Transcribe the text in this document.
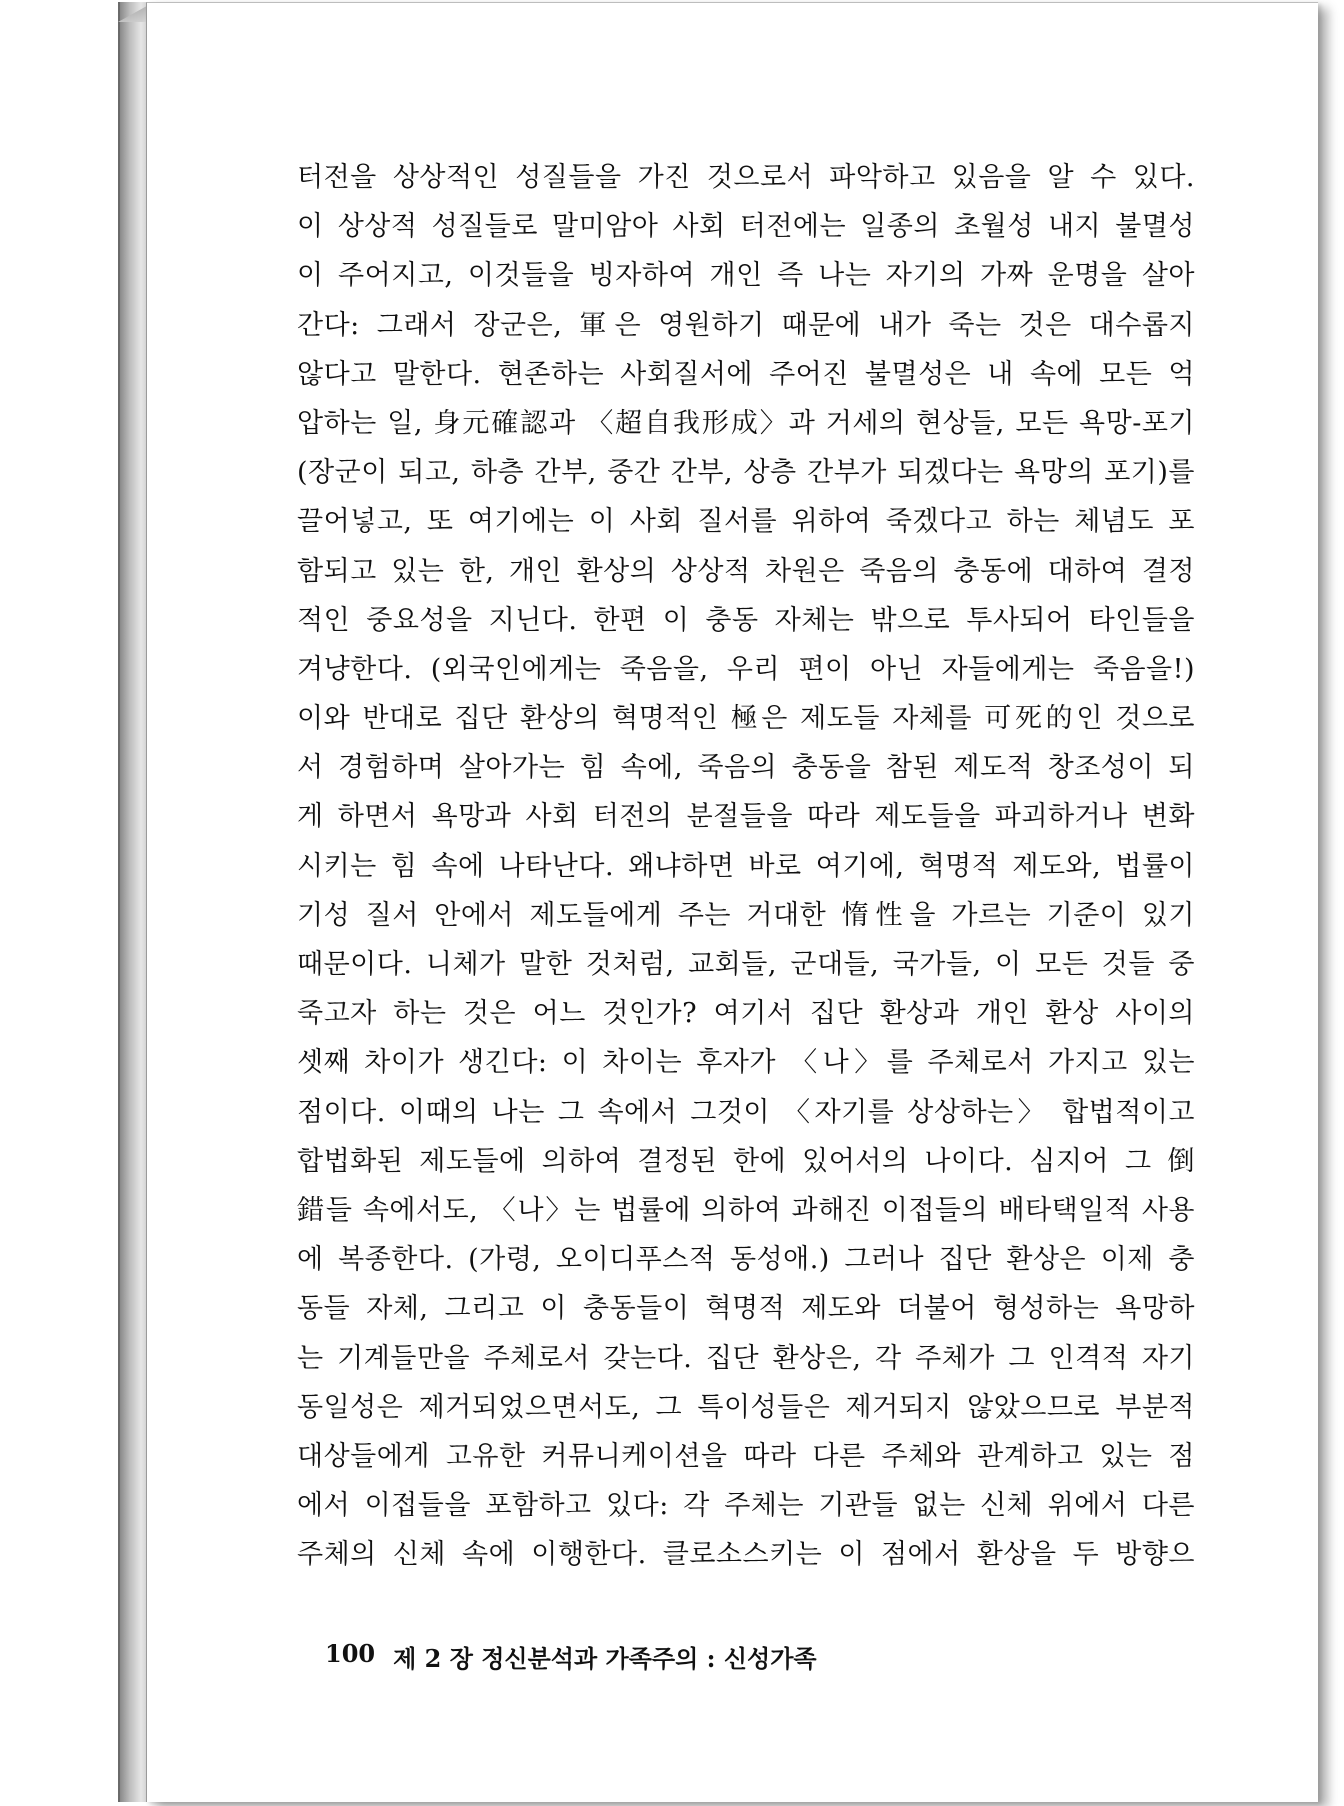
터전을 상상적인 성질들을 가진 것으로서 파악하고 있음을 알 수 있다.
이 상상적 성질들로 말미암아 사회 터전에는 일종의 초월성 내지 불멸성
이 주어지고, 이것들을 빙자하여 개인 즉 나는 자기의 가짜 운명을 살아
간다: 그래서 장군은, 軍은 영원하기 때문에 내가 죽는 것은 대수롭지
않다고 말한다. 현존하는 사회질서에 주어진 불멸성은 내 속에 모든 억
압하는 일, 身元確認과 〈超自我形成〉과 거세의 현상들, 모든 욕망-포기
(장군이 되고, 하층 간부, 중간 간부, 상층 간부가 되겠다는 욕망의 포기)를
끌어넣고, 또 여기에는 이 사회 질서를 위하여 죽겠다고 하는 체념도 포
함되고 있는 한, 개인 환상의 상상적 차원은 죽음의 충동에 대하여 결정
적인 중요성을 지닌다. 한편 이 충동 자체는 밖으로 투사되어 타인들을
겨냥한다. (외국인에게는 죽음을, 우리 편이 아닌 자들에게는 죽음을!)
이와 반대로 집단 환상의 혁명적인 極은 제도들 자체를 可死的인 것으로
서 경험하며 살아가는 힘 속에, 죽음의 충동을 참된 제도적 창조성이 되
게 하면서 욕망과 사회 터전의 분절들을 따라 제도들을 파괴하거나 변화
시키는 힘 속에 나타난다. 왜냐하면 바로 여기에, 혁명적 제도와, 법률이
기성 질서 안에서 제도들에게 주는 거대한 惰性을 가르는 기준이 있기
때문이다. 니체가 말한 것처럼, 교회들, 군대들, 국가들, 이 모든 것들 중
죽고자 하는 것은 어느 것인가? 여기서 집단 환상과 개인 환상 사이의
셋째 차이가 생긴다: 이 차이는 후자가 〈나〉를 주체로서 가지고 있는
점이다. 이때의 나는 그 속에서 그것이 〈자기를 상상하는〉 합법적이고
합법화된 제도들에 의하여 결정된 한에 있어서의 나이다. 심지어 그 倒
錯들 속에서도, 〈나〉는 법률에 의하여 과해진 이접들의 배타택일적 사용
에 복종한다. (가령, 오이디푸스적 동성애.) 그러나 집단 환상은 이제 충
동들 자체, 그리고 이 충동들이 혁명적 제도와 더불어 형성하는 욕망하
는 기계들만을 주체로서 갖는다. 집단 환상은, 각 주체가 그 인격적 자기
동일성은 제거되었으면서도, 그 특이성들은 제거되지 않았으므로 부분적
대상들에게 고유한 커뮤니케이션을 따라 다른 주체와 관계하고 있는 점
에서 이접들을 포함하고 있다: 각 주체는 기관들 없는 신체 위에서 다른
주체의 신체 속에 이행한다. 클로소스키는 이 점에서 환상을 두 방향으
100 제 2 장 정신분석과 가족주의 : 신성가족
